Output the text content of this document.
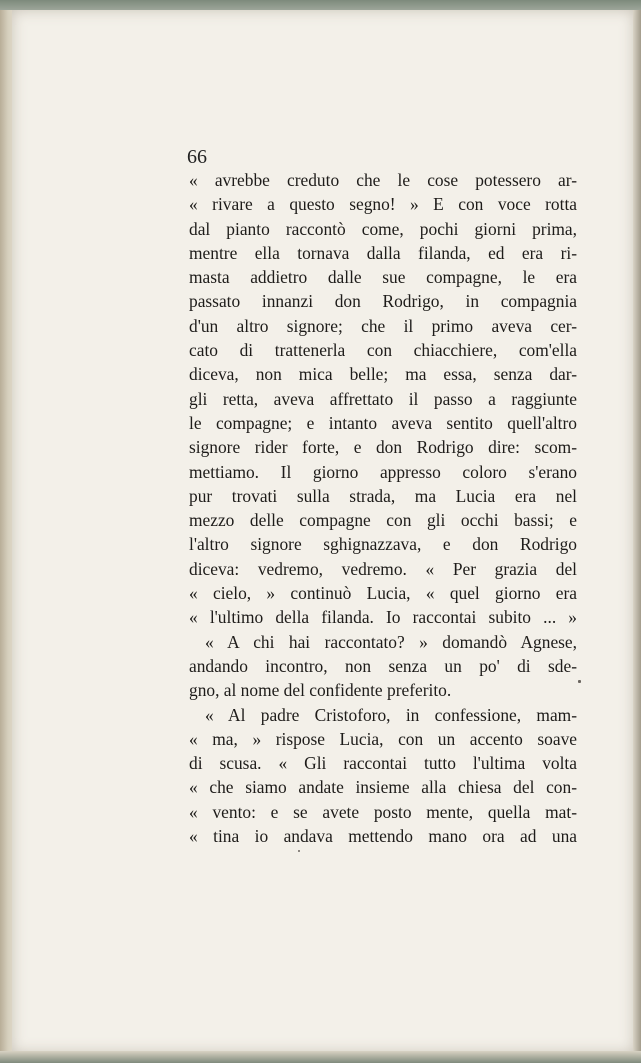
66
« avrebbe creduto che le cose potessero ar-
« rivare a questo segno! » E con voce rotta
dal pianto raccontò come, pochi giorni prima,
mentre ella tornava dalla filanda, ed era ri-
masta addietro dalle sue compagne, le era
passato innanzi don Rodrigo, in compagnia
d'un altro signore; che il primo aveva cer-
cato di trattenerla con chiacchiere, com'ella
diceva, non mica belle; ma essa, senza dar-
gli retta, aveva affrettato il passo a raggiunte
le compagne; e intanto aveva sentito quell'altro
signore rider forte, e don Rodrigo dire: scom-
mettiamo. Il giorno appresso coloro s'erano
pur trovati sulla strada, ma Lucia era nel
mezzo delle compagne con gli occhi bassi; e
l'altro signore sghignazzava, e don Rodrigo
diceva: vedremo, vedremo. « Per grazia del
« cielo, » continuò Lucia, « quel giorno era
« l'ultimo della filanda. Io raccontai subito ... »
« A chi hai raccontato? » domandò Agnese,
andando incontro, non senza un po' di sde-
gno, al nome del confidente preferito.
« Al padre Cristoforo, in confessione, mam-
« ma, » rispose Lucia, con un accento soave
di scusa. « Gli raccontai tutto l'ultima volta
« che siamo andate insieme alla chiesa del con-
« vento: e se avete posto mente, quella mat-
« tina io andava mettendo mano ora ad una
